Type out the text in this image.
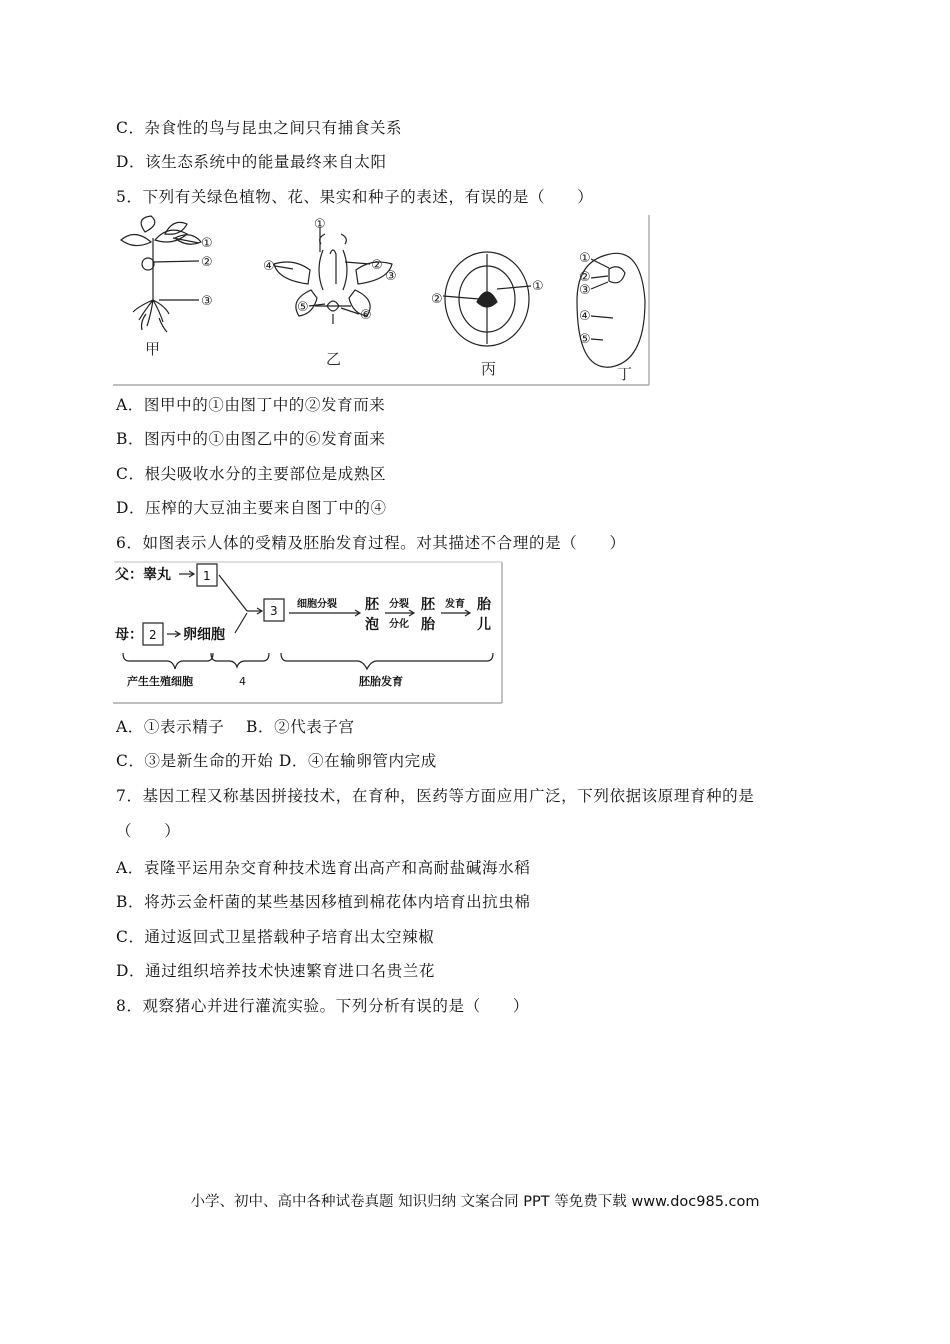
C．杂食性的鸟与昆虫之间只有捕食关系
D．该生态系统中的能量最终来自太阳
5．下列有关绿色植物、花、果实和种子的表述，有误的是（　　）
①
②
③
甲
①
②
③
④
⑤
⑥
乙
①
②
丙
①
②
③
④
⑤
丁
A．图甲中的①由图丁中的②发育而来
B．图丙中的①由图乙中的⑥发育面来
C．根尖吸收水分的主要部位是成熟区
D．压榨的大豆油主要来自图丁中的④
6．如图表示人体的受精及胚胎发育过程。对其描述不合理的是（　　）
父：睾丸	1
母： 2 卵细胞
3 细胞分裂 胚
泡
分裂
分化
胚
胎
发育 胎
儿
产生生殖细胞	4	胚胎发育
A．①表示精子　 B．②代表子宫
C．③是新生命的开始 D．④在输卵管内完成
7．基因工程又称基因拼接技术，在育种，医药等方面应用广泛，下列依据该原理育种的是
（　　）
A．袁隆平运用杂交育种技术选育出高产和高耐盐碱海水稻
B．将苏云金杆菌的某些基因移植到棉花体内培育出抗虫棉
C．通过返回式卫星搭载种子培育出太空辣椒
D．通过组织培养技术快速繁育进口名贵兰花
8．观察猪心并进行灌流实验。下列分析有误的是（　　）
小学、初中、高中各种试卷真题 知识归纳 文案合同 PPT 等免费下载 www.doc985.com
